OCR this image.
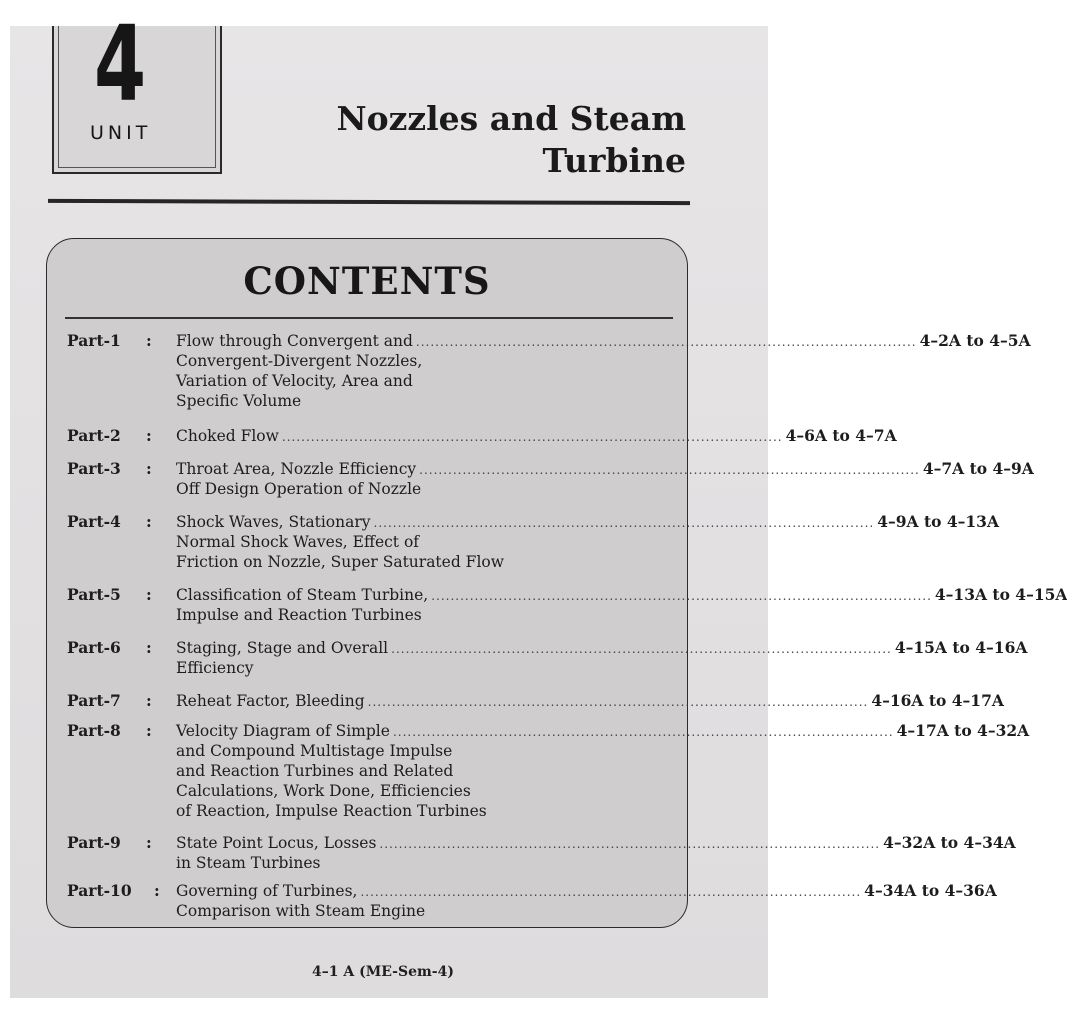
4
UNIT	Nozzles and Steam
Turbine
CONTENTS
Part-1 : Flow through Convergent and ........................................................................................................ 4–2A to 4–5A
Convergent-Divergent Nozzles,
Variation of Velocity, Area and
Specific Volume
Part-2 : Choked Flow ........................................................................................................ 4–6A to 4–7A
Part-3 : Throat Area, Nozzle Efficiency ........................................................................................................ 4–7A to 4–9A
Off Design Operation of Nozzle
Part-4 : Shock Waves, Stationary ........................................................................................................ 4–9A to 4–13A
Normal Shock Waves, Effect of
Friction on Nozzle, Super Saturated Flow
Part-5 : Classification of Steam Turbine, ........................................................................................................ 4–13A to 4–15A
Impulse and Reaction Turbines
Part-6 : Staging, Stage and Overall ........................................................................................................ 4–15A to 4–16A
Efficiency
Part-7 : Reheat Factor, Bleeding ........................................................................................................ 4–16A to 4–17A
Part-8 : Velocity Diagram of Simple ........................................................................................................ 4–17A to 4–32A
and Compound Multistage Impulse
and Reaction Turbines and Related
Calculations, Work Done, Efficiencies
of Reaction, Impulse Reaction Turbines
Part-9 : State Point Locus, Losses ........................................................................................................ 4–32A to 4–34A
in Steam Turbines
Part-10 : Governing of Turbines, ........................................................................................................ 4–34A to 4–36A
Comparison with Steam Engine
4–1 A (ME-Sem-4)
